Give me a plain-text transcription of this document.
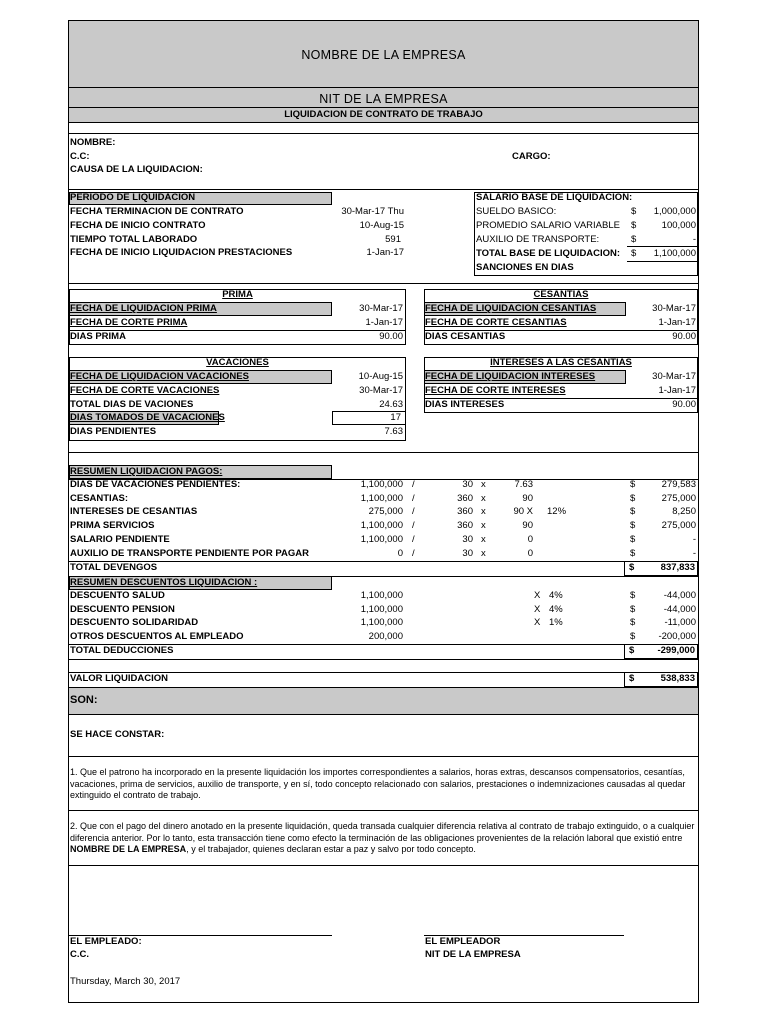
NOMBRE DE LA EMPRESA
NIT DE LA EMPRESA
LIQUIDACION DE CONTRATO DE TRABAJO
NOMBRE:
C.C:	CARGO:
CAUSA DE LA LIQUIDACION:
PERIODO DE LIQUIDACION
FECHA TERMINACION DE CONTRATO	30-Mar-17 Thu
FECHA DE INICIO CONTRATO	10-Aug-15
TIEMPO TOTAL LABORADO	591
FECHA DE INICIO LIQUIDACION PRESTACIONES	1-Jan-17
SALARIO BASE DE LIQUIDACION:
SUELDO BASICO:	$	1,000,000
PROMEDIO SALARIO VARIABLE $	100,000
AUXILIO DE TRANSPORTE:	$	-
TOTAL BASE DE LIQUIDACION: $	1,100,000
SANCIONES EN DIAS
PRIMA
FECHA DE LIQUIDACION PRIMA	30-Mar-17
FECHA DE CORTE PRIMA	1-Jan-17
DIAS PRIMA	90.00
CESANTIAS
FECHA DE LIQUIDACION CESANTIAS	30-Mar-17
FECHA DE CORTE CESANTIAS	1-Jan-17
DIAS CESANTIAS	90.00
VACACIONES
FECHA DE LIQUIDACION VACACIONES	10-Aug-15
FECHA DE CORTE VACACIONES	30-Mar-17
TOTAL DIAS DE VACIONES	24.63
DIAS TOMADOS DE VACACIONES	17
DIAS PENDIENTES	7.63
INTERESES A LAS CESANTIAS
FECHA DE LIQUIDACION INTERESES	30-Mar-17
FECHA DE CORTE INTERESES	1-Jan-17
DIAS INTERESES	90.00
RESUMEN LIQUIDACION PAGOS:
TOTAL DEVENGOS	$	837,833
RESUMEN DESCUENTOS LIQUIDACION :
TOTAL DEDUCCIONES	$	-299,000
VALOR LIQUIDACION	$	538,833
SON:
SE HACE CONSTAR:
1. Que el patrono ha incorporado en la presente liquidación los importes correspondientes a salarios, horas extras, descansos compensatorios, cesantías, vacaciones, prima de servicios, auxilio de transporte, y en sí, todo concepto relacionado con salarios, prestaciones o indemnizaciones causadas al quedar extinguido el contrato de trabajo.
2. Que con el pago del dinero anotado en la presente liquidación, queda transada cualquier diferencia relativa al contrato de trabajo extinguido, o a cualquier diferencia anterior. Por lo tanto, esta transacción tiene como efecto la terminación de las obligaciones provenientes de la relación laboral que existió entre
NOMBRE DE LA EMPRESA, y el trabajador, quienes declaran estar a paz y salvo por todo concepto.
EL EMPLEADO:
C.C.
EL EMPLEADOR
NIT DE LA EMPRESA
Thursday, March 30, 2017
DIAS DE VACACIONES PENDIENTES:	1,100,000 /	30 x	7.63	$	279,583
CESANTIAS:	1,100,000 /	360 x	90	$	275,000
INTERESES DE CESANTIAS	275,000 /	360 x	90 X 12%	$	8,250
PRIMA SERVICIOS	1,100,000 /	360 x	90	$	275,000
SALARIO PENDIENTE	1,100,000 /	30 x	0	$	-
AUXILIO DE TRANSPORTE PENDIENTE POR PAGAR	0 /	30 x	0	$	-
DESCUENTO SALUD	1,100,000	X 4%	$	-44,000
DESCUENTO PENSION	1,100,000	X 4%	$	-44,000
DESCUENTO SOLIDARIDAD	1,100,000	X 1%	$	-11,000
OTROS DESCUENTOS AL EMPLEADO	200,000	$	-200,000
